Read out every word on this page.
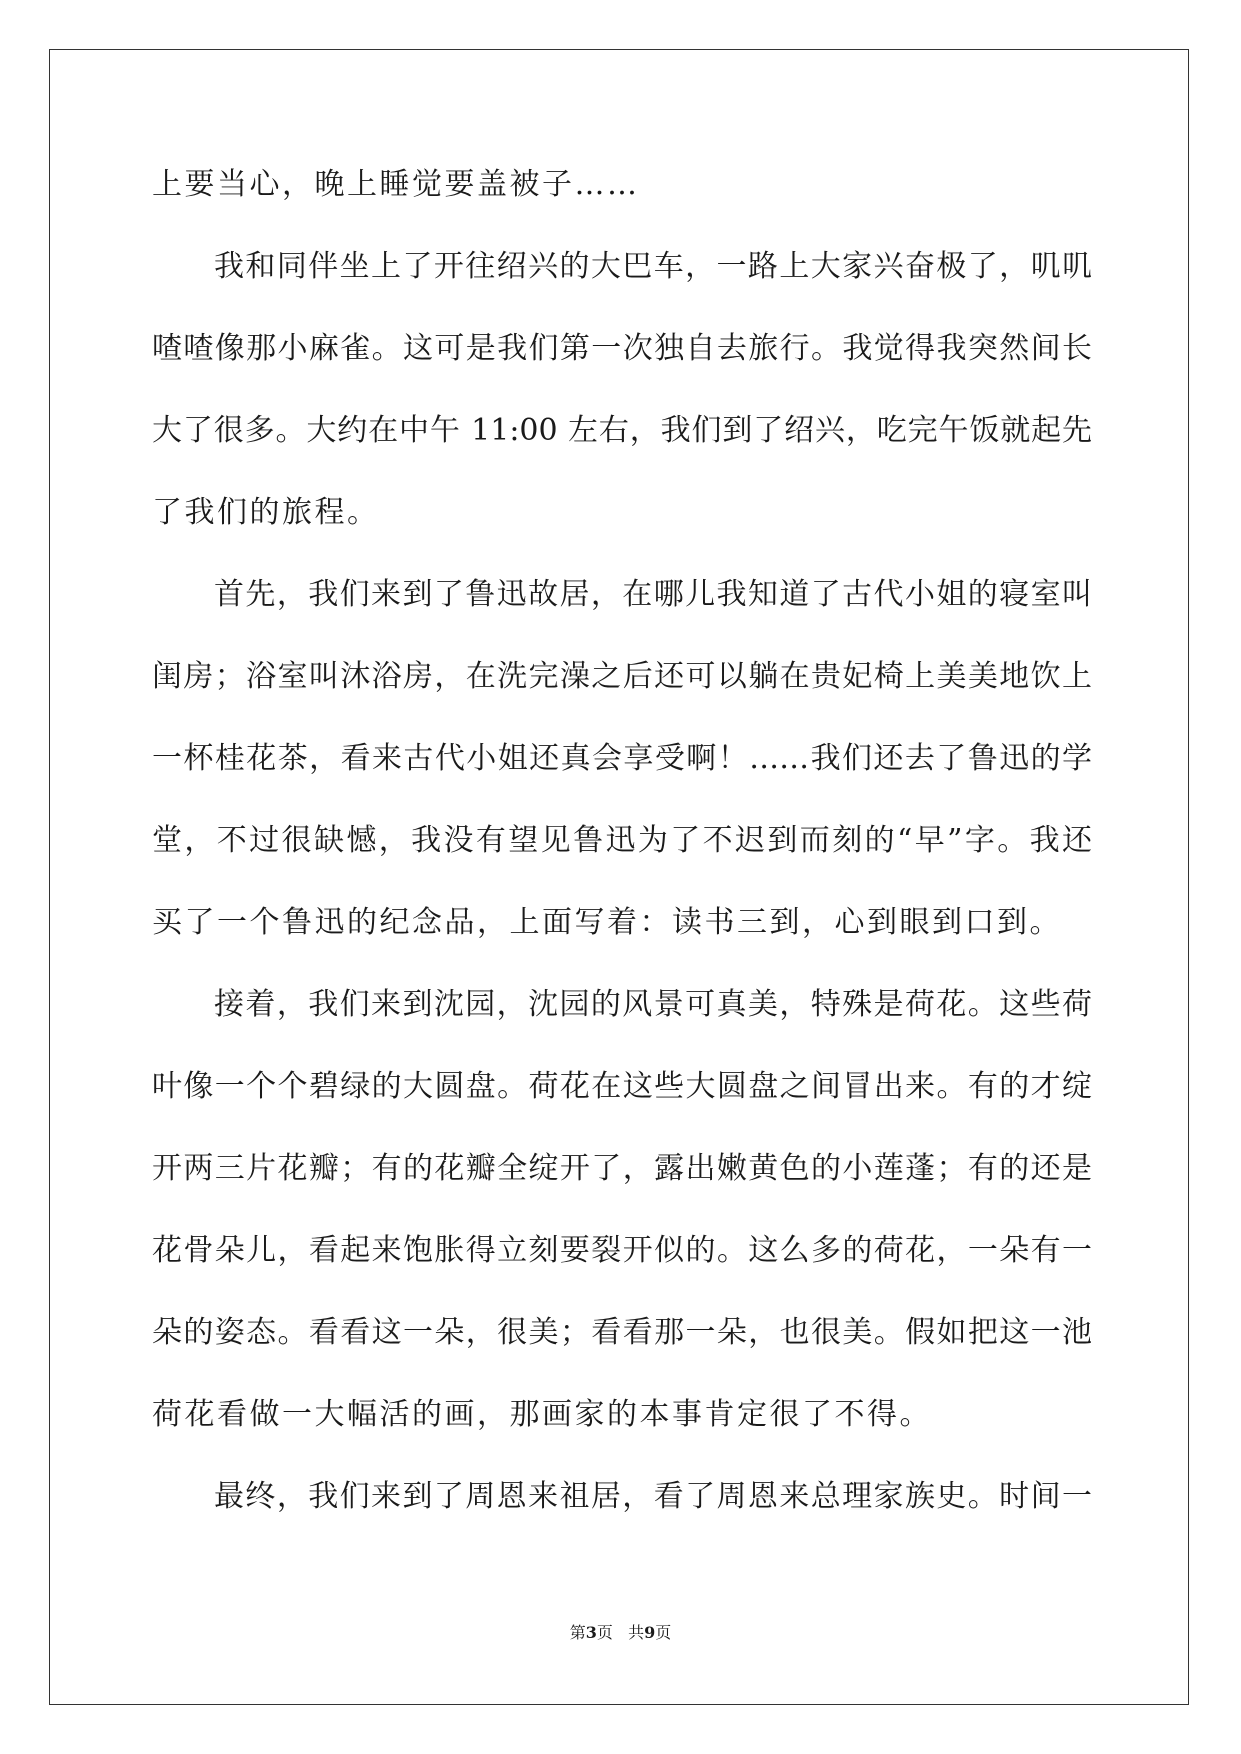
上要当心，晚上睡觉要盖被子……
我和同伴坐上了开往绍兴的大巴车，一路上大家兴奋极了，叽叽
喳喳像那小麻雀。这可是我们第一次独自去旅行。我觉得我突然间长
大了很多。大约在中午 11:00 左右，我们到了绍兴，吃完午饭就起先
了我们的旅程。
首先，我们来到了鲁迅故居，在哪儿我知道了古代小姐的寝室叫
闺房；浴室叫沐浴房，在洗完澡之后还可以躺在贵妃椅上美美地饮上
一杯桂花茶，看来古代小姐还真会享受啊！……我们还去了鲁迅的学
堂，不过很缺憾，我没有望见鲁迅为了不迟到而刻的“早”字。我还
买了一个鲁迅的纪念品，上面写着：读书三到，心到眼到口到。
接着，我们来到沈园，沈园的风景可真美，特殊是荷花。这些荷
叶像一个个碧绿的大圆盘。荷花在这些大圆盘之间冒出来。有的才绽
开两三片花瓣；有的花瓣全绽开了，露出嫩黄色的小莲蓬；有的还是
花骨朵儿，看起来饱胀得立刻要裂开似的。这么多的荷花，一朵有一
朵的姿态。看看这一朵，很美；看看那一朵，也很美。假如把这一池
荷花看做一大幅活的画，那画家的本事肯定很了不得。
最终，我们来到了周恩来祖居，看了周恩来总理家族史。时间一
第3页 共9页
